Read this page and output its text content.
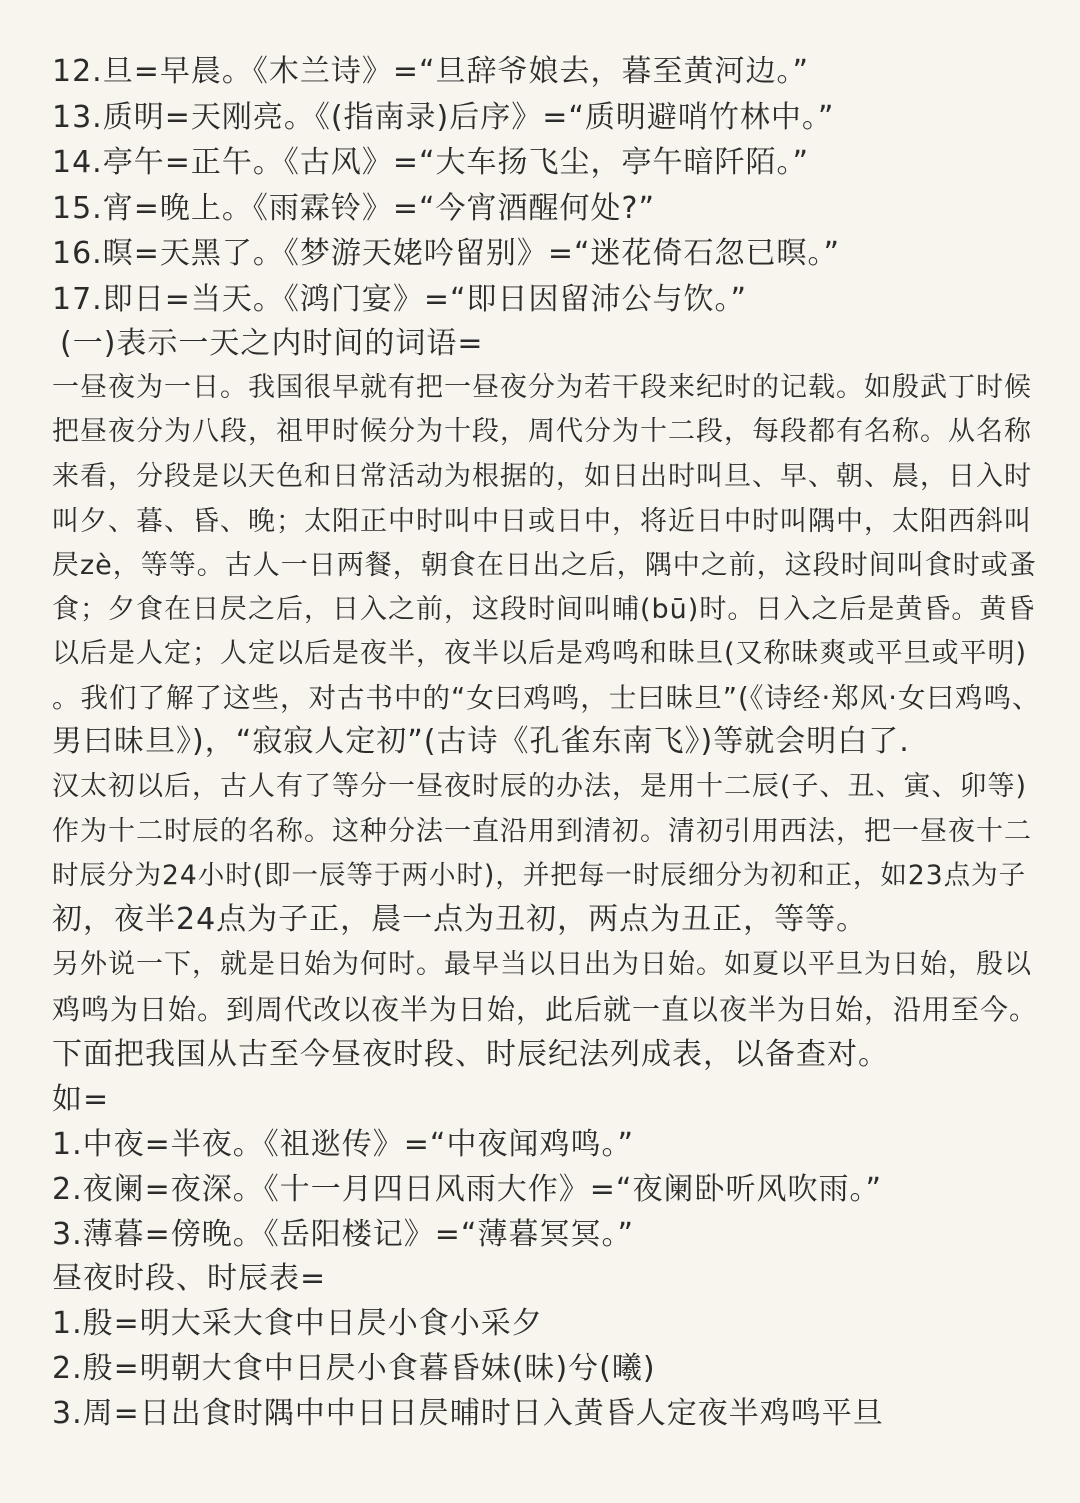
12.旦=早晨。《木兰诗》=“旦辞爷娘去，暮至黄河边。”

13.质明=天刚亮。《(指南录)后序》=“质明避哨竹林中。”

14.亭午=正午。《古风》=“大车扬飞尘，亭午暗阡陌。”

15.宵=晚上。《雨霖铃》=“今宵酒醒何处?”

16.暝=天黑了。《梦游天姥吟留别》=“迷花倚石忽已暝。”

17.即日=当天。《鸿门宴》=“即日因留沛公与饮。”

(一)表示一天之内时间的词语=

一昼夜为一日。我国很早就有把一昼夜分为若干段来纪时的记载。如殷武丁时候

把昼夜分为八段，祖甲时候分为十段，周代分为十二段，每段都有名称。从名称

来看，分段是以天色和日常活动为根据的，如日出时叫旦、早、朝、晨，日入时

叫夕、暮、昏、晚；太阳正中时叫中日或日中，将近日中时叫隅中，太阳西斜叫

昃zè，等等。古人一日两餐，朝食在日出之后，隅中之前，这段时间叫食时或蚤

食；夕食在日昃之后，日入之前，这段时间叫晡(bū)时。日入之后是黄昏。黄昏

以后是人定；人定以后是夜半，夜半以后是鸡鸣和昧旦(又称昧爽或平旦或平明)

。我们了解了这些，对古书中的“女曰鸡鸣，士曰昧旦”(《诗经·郑风·女曰鸡鸣、

男曰昧旦》)，“寂寂人定初”(古诗《孔雀东南飞》)等就会明白了.

汉太初以后，古人有了等分一昼夜时辰的办法，是用十二辰(子、丑、寅、卯等)

作为十二时辰的名称。这种分法一直沿用到清初。清初引用西法，把一昼夜十二

时辰分为24小时(即一辰等于两小时)，并把每一时辰细分为初和正，如23点为子

初，夜半24点为子正，晨一点为丑初，两点为丑正，等等。

另外说一下，就是日始为何时。最早当以日出为日始。如夏以平旦为日始，殷以

鸡鸣为日始。到周代改以夜半为日始，此后就一直以夜半为日始，沿用至今。

下面把我国从古至今昼夜时段、时辰纪法列成表，以备查对。

如=

1.中夜=半夜。《祖逖传》=“中夜闻鸡鸣。”

2.夜阑=夜深。《十一月四日风雨大作》=“夜阑卧听风吹雨。”

3.薄暮=傍晚。《岳阳楼记》=“薄暮冥冥。”

昼夜时段、时辰表=

1.殷=明大采大食中日昃小食小采夕

2.殷=明朝大食中日昃小食暮昏妹(昧)兮(曦)

3.周=日出食时隅中中日日昃晡时日入黄昏人定夜半鸡鸣平旦
